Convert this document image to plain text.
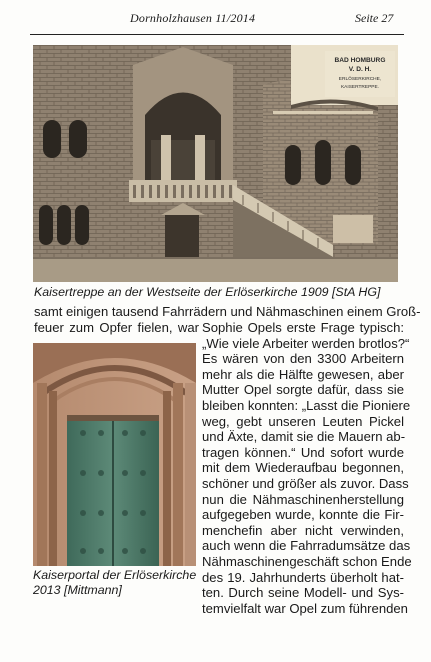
Dornholzhausen 11/2014	Seite 27
BAD HOMBURG
V. D. H.
ERLÖSERKIRCHE,
KAISERTREPPE.
Kaisertreppe an der Westseite der Erlöserkirche 1909 [StA HG]
samt einigen tausend Fahrrädern und Nähmaschinen einem Groß-
feuer zum Opfer fielen, war Sophie Opels erste Frage typisch:
„Wie viele Arbeiter werden brotlos?“
Es wären von den 3300 Arbeitern
mehr als die Hälfte gewesen, aber
Mutter Opel sorgte dafür, dass sie
bleiben konnten: „Lasst die Pioniere
weg, gebt unseren Leuten Pickel
und Äxte, damit sie die Mauern ab-
tragen können.“ Und sofort wurde
mit dem Wiederaufbau begonnen,
schöner und größer als zuvor. Dass
nun die Nähmaschinenherstellung
aufgegeben wurde, konnte die Fir-
menchefin aber nicht verwinden,
auch wenn die Fahrradumsätze das
Nähmaschinengeschäft schon Ende
des 19. Jahrhunderts überholt hat-
ten. Durch seine Modell- und Sys-
temvielfalt war Opel zum führenden
Kaiserportal der Erlöserkirche
2013 [Mittmann]
